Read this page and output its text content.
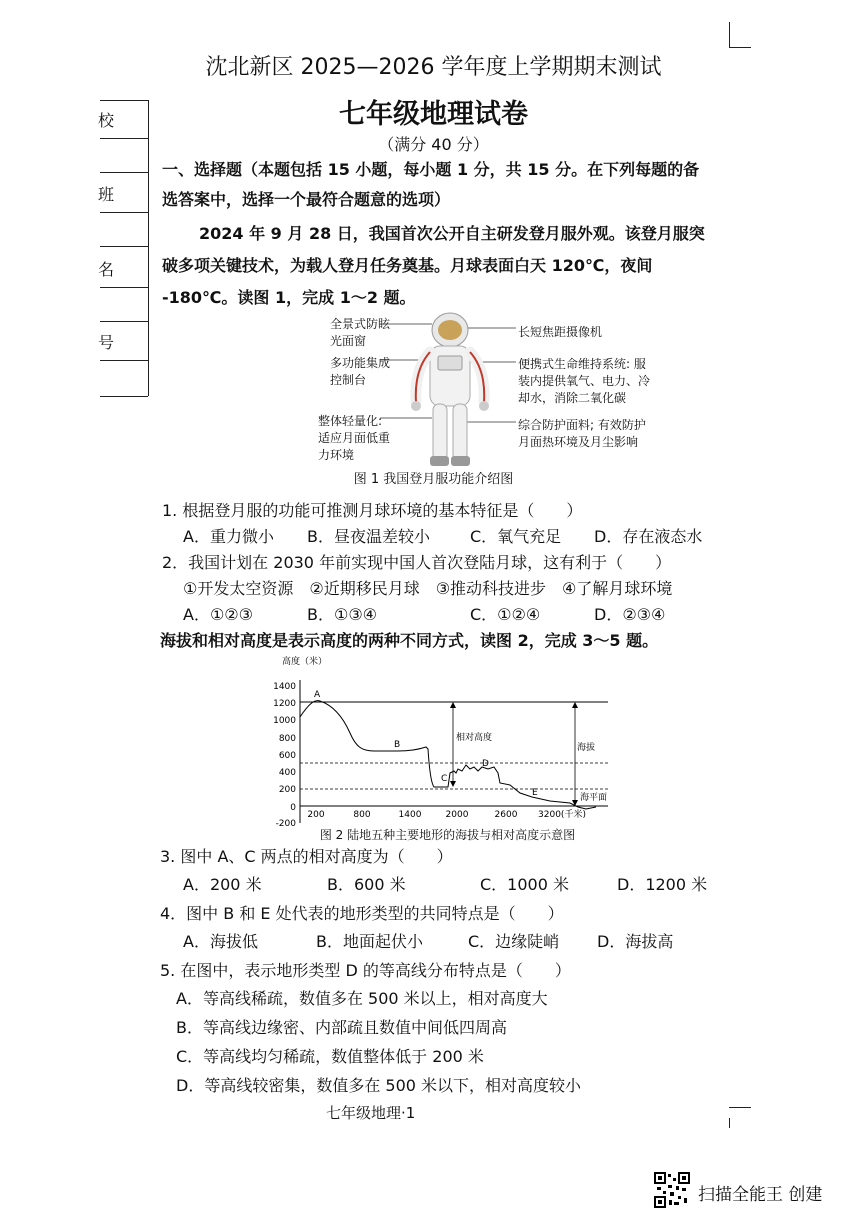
沈北新区 2025—2026 学年度上学期期末测试
七年级地理试卷
（满分 40 分）
校
班
名
号
一、选择题（本题包括 15 小题，每小题 1 分，共 15 分。在下列每题的备
选答案中，选择一个最符合题意的选项）
2024 年 9 月 28 日，我国首次公开自主研发登月服外观。该登月服突
破多项关键技术，为载人登月任务奠基。月球表面白天 120℃，夜间
-180℃。读图 1，完成 1～2 题。
全景式防眩
光面窗
多功能集成
控制台
整体轻量化:
适应月面低重
力环境
长短焦距摄像机
便携式生命维持系统: 服
装内提供氧气、电力、冷
却水，消除二氧化碳
综合防护面料; 有效防护
月面热环境及月尘影响
图 1 我国登月服功能介绍图
1. 根据登月服的功能可推测月球环境的基本特征是（　　）
A．重力微小 B．昼夜温差较小	C．氧气充足 D．存在液态水
2．我国计划在 2030 年前实现中国人首次登陆月球，这有利于（　　）
①开发太空资源　②近期移民月球　③推动科技进步　④了解月球环境
A．①②③	B．①③④	C．①②④	D．②③④
海拔和相对高度是表示高度的两种不同方式，读图 2，完成 3～5 题。
高度（米）
1400
1200
1000
800
600
400
200
0
-200
200	800	1400	2000	2600 3200(千米)
A
B
C
D
E
相对高度
海拔
海平面
图 2 陆地五种主要地形的海拔与相对高度示意图
3. 图中 A、C 两点的相对高度为（　　）
A．200 米	B．600 米	C．1000 米	D．1200 米
4．图中 B 和 E 处代表的地形类型的共同特点是（　　）
A．海拔低	B．地面起伏小	C．边缘陡峭 D．海拔高
5. 在图中，表示地形类型 D 的等高线分布特点是（　　）
A．等高线稀疏，数值多在 500 米以上，相对高度大
B．等高线边缘密、内部疏且数值中间低四周高
C．等高线均匀稀疏，数值整体低于 200 米
D．等高线较密集，数值多在 500 米以下，相对高度较小
七年级地理·1
扫描全能王 创建
